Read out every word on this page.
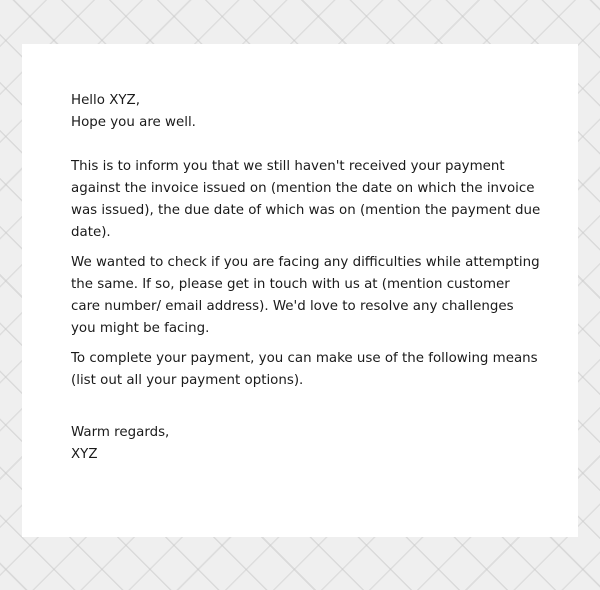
Hello XYZ,

Hope you are well.

This is to inform you that we still haven't received your payment against the invoice issued on (mention the date on which the invoice was issued), the due date of which was on (mention the payment due date).

We wanted to check if you are facing any difficulties while attempting the same. If so, please get in touch with us at (mention customer care number/ email address). We'd love to resolve any challenges you might be facing.

To complete your payment, you can make use of the following means (list out all your payment options).

Warm regards,

XYZ
